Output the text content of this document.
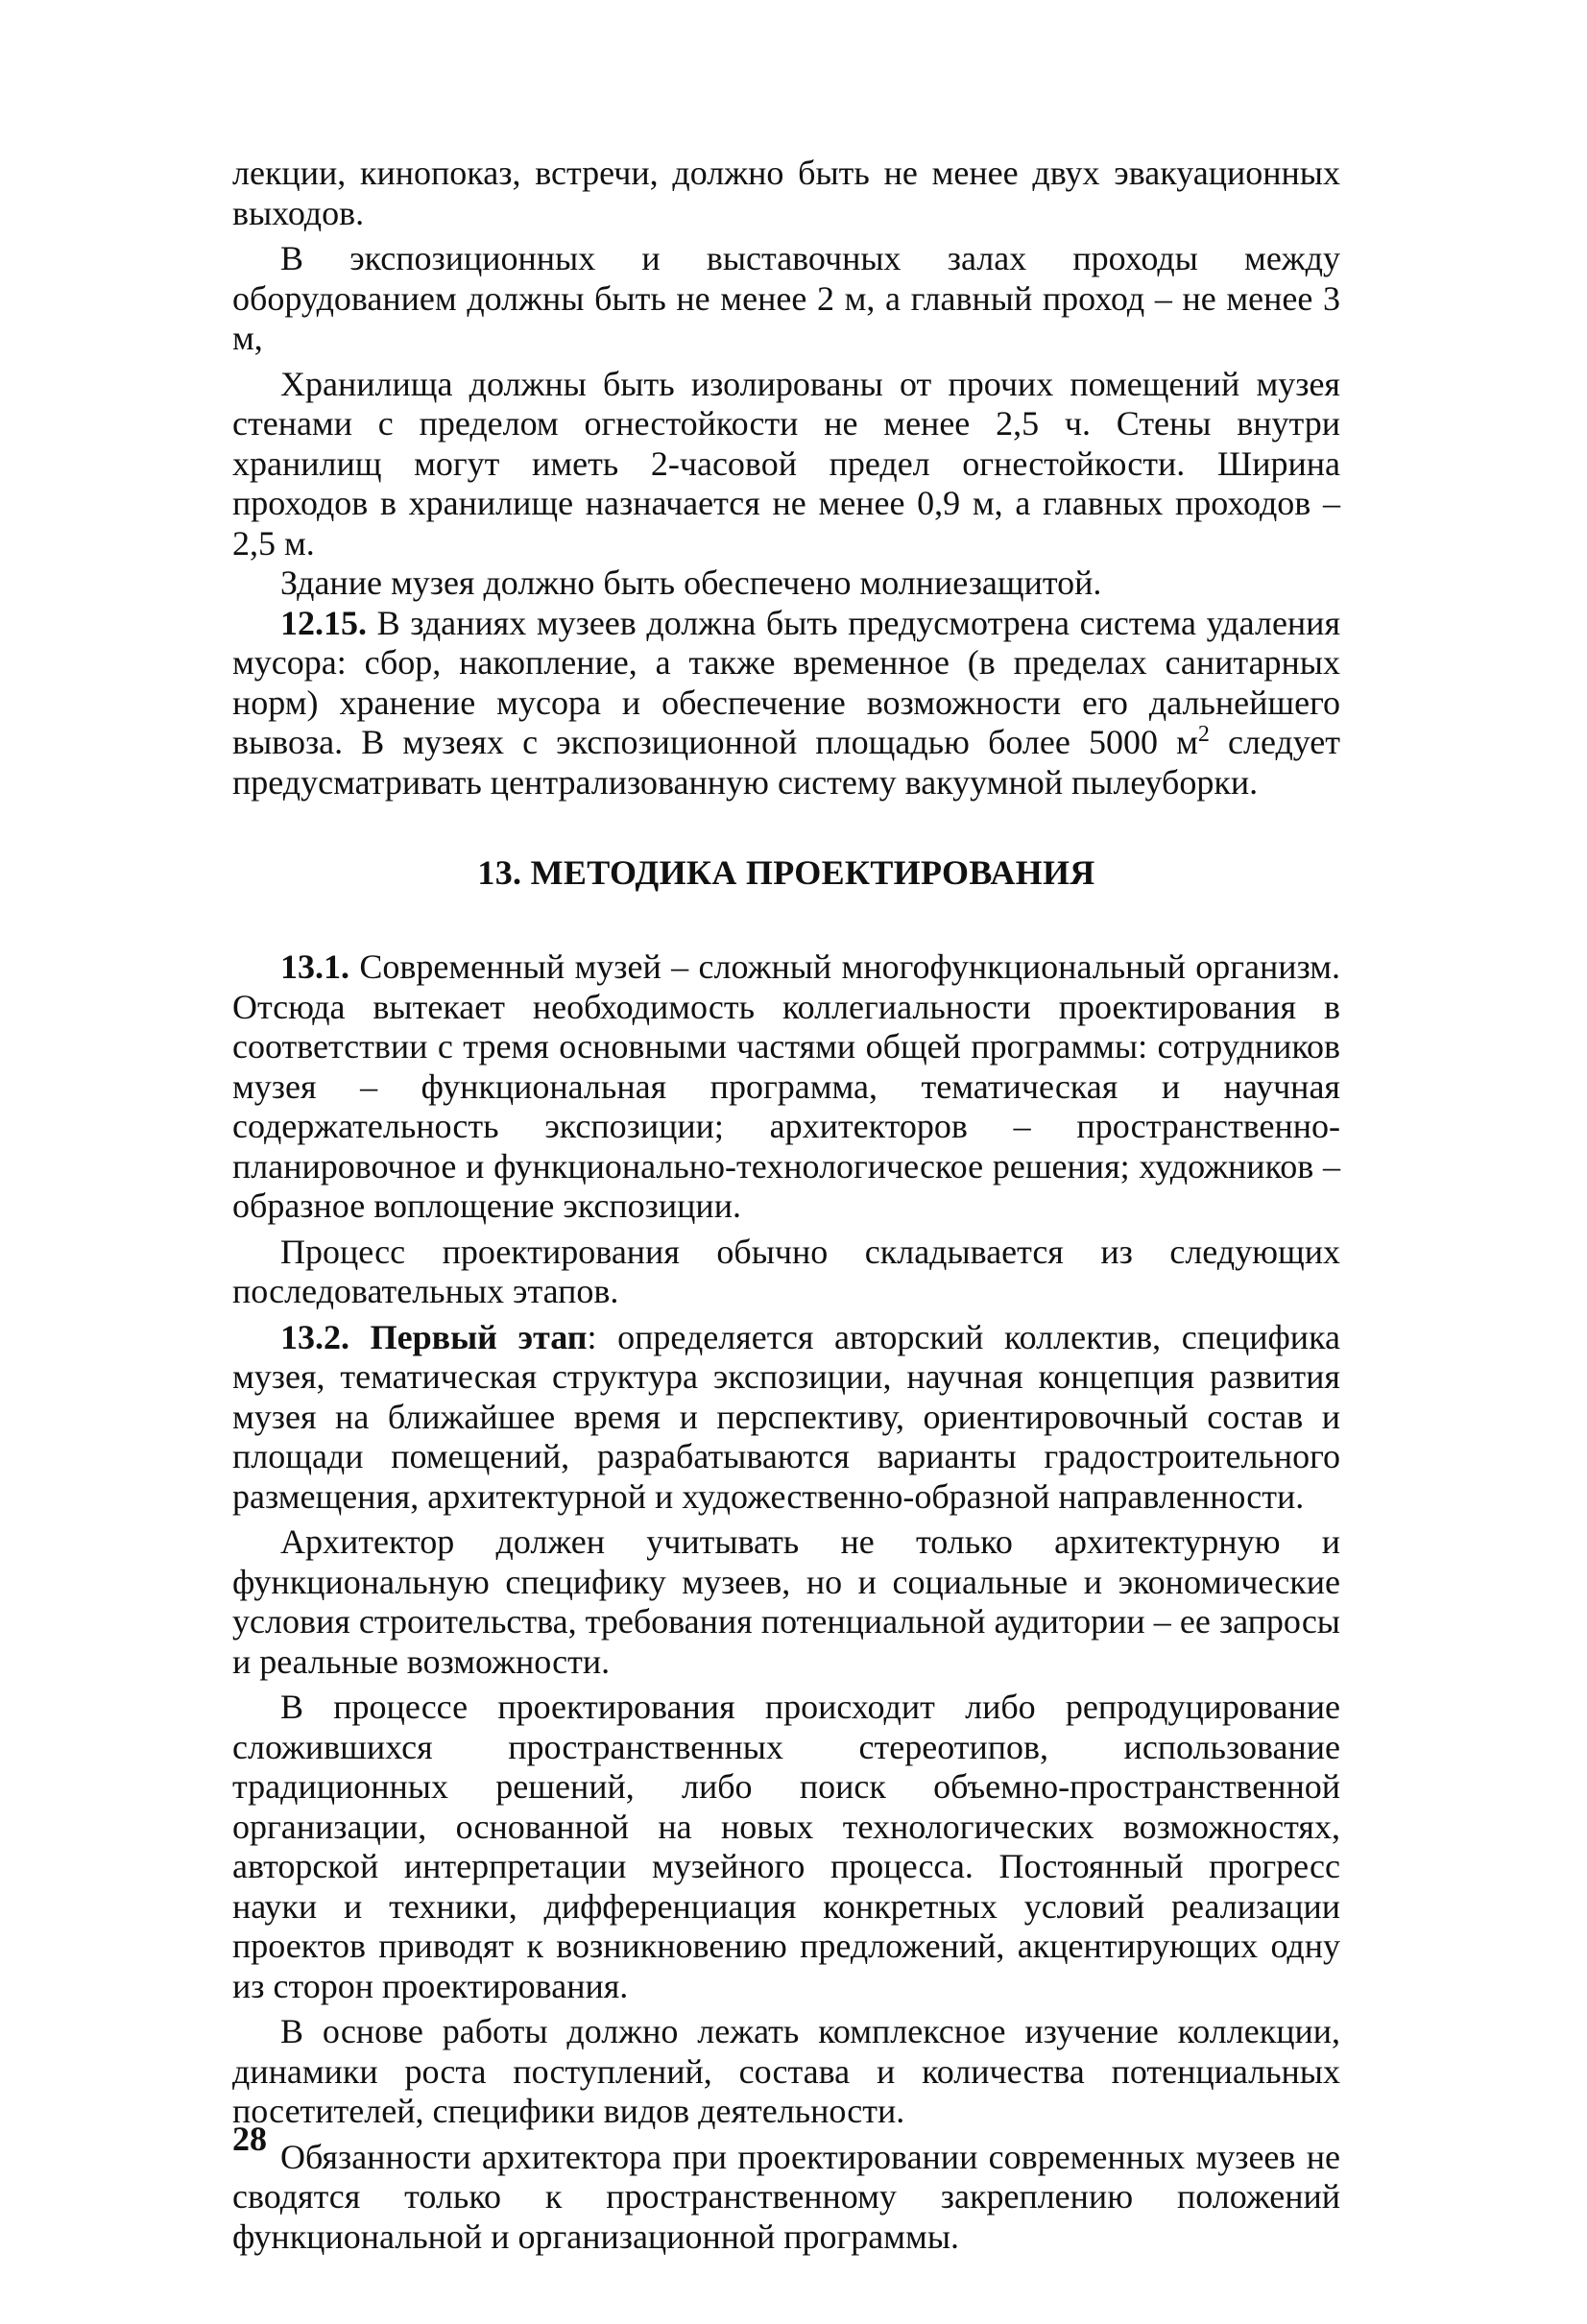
лекции, кинопоказ, встречи, должно быть не менее двух эвакуационных выходов.

В экспозиционных и выставочных залах проходы между оборудованием должны быть не менее 2 м, а главный проход – не менее 3 м,

Хранилища должны быть изолированы от прочих помещений музея стенами с пределом огнестойкости не менее 2,5 ч. Стены внутри хранилищ могут иметь 2-часовой предел огнестойкости. Ширина проходов в хранилище назначается не менее 0,9 м, а главных проходов – 2,5 м.

Здание музея должно быть обеспечено молниезащитой.

12.15. В зданиях музеев должна быть предусмотрена система удаления мусора: сбор, накопление, а также временное (в пределах санитарных норм) хранение мусора и обеспечение возможности его дальнейшего вывоза. В музеях с экспозиционной площадью более 5000 $м^2$ следует предусматривать централизованную систему вакуумной пылеуборки.

13. МЕТОДИКА ПРОЕКТИРОВАНИЯ

13.1. Современный музей – сложный многофункциональный организм. Отсюда вытекает необходимость коллегиальности проектирования в соответствии с тремя основными частями общей программы: сотрудников музея – функциональная программа, тематическая и научная содержательность экспозиции; архитекторов – пространственно-планировочное и функционально-технологическое решения; художников – образное воплощение экспозиции.

Процесс проектирования обычно складывается из следующих последовательных этапов.

13.2. Первый этап: определяется авторский коллектив, специфика музея, тематическая структура экспозиции, научная концепция развития музея на ближайшее время и перспективу, ориентировочный состав и площади помещений, разрабатываются варианты градостроительного размещения, архитектурной и художественно-образной направленности.

Архитектор должен учитывать не только архитектурную и функциональную специфику музеев, но и социальные и экономические условия строительства, требования потенциальной аудитории – ее запросы и реальные возможности.

В процессе проектирования происходит либо репродуцирование сложившихся пространственных стереотипов, использование традиционных решений, либо поиск объемно-пространственной организации, основанной на новых технологических возможностях, авторской интерпретации музейного процесса. Постоянный прогресс науки и техники, дифференциация конкретных условий реализации проектов приводят к возникновению предложений, акцентирующих одну из сторон проектирования.

В основе работы должно лежать комплексное изучение коллекции, динамики роста поступлений, состава и количества потенциальных посетителей, специфики видов деятельности.

Обязанности архитектора при проектировании современных музеев не сводятся только к пространственному закреплению положений функциональной и организационной программы.

28
